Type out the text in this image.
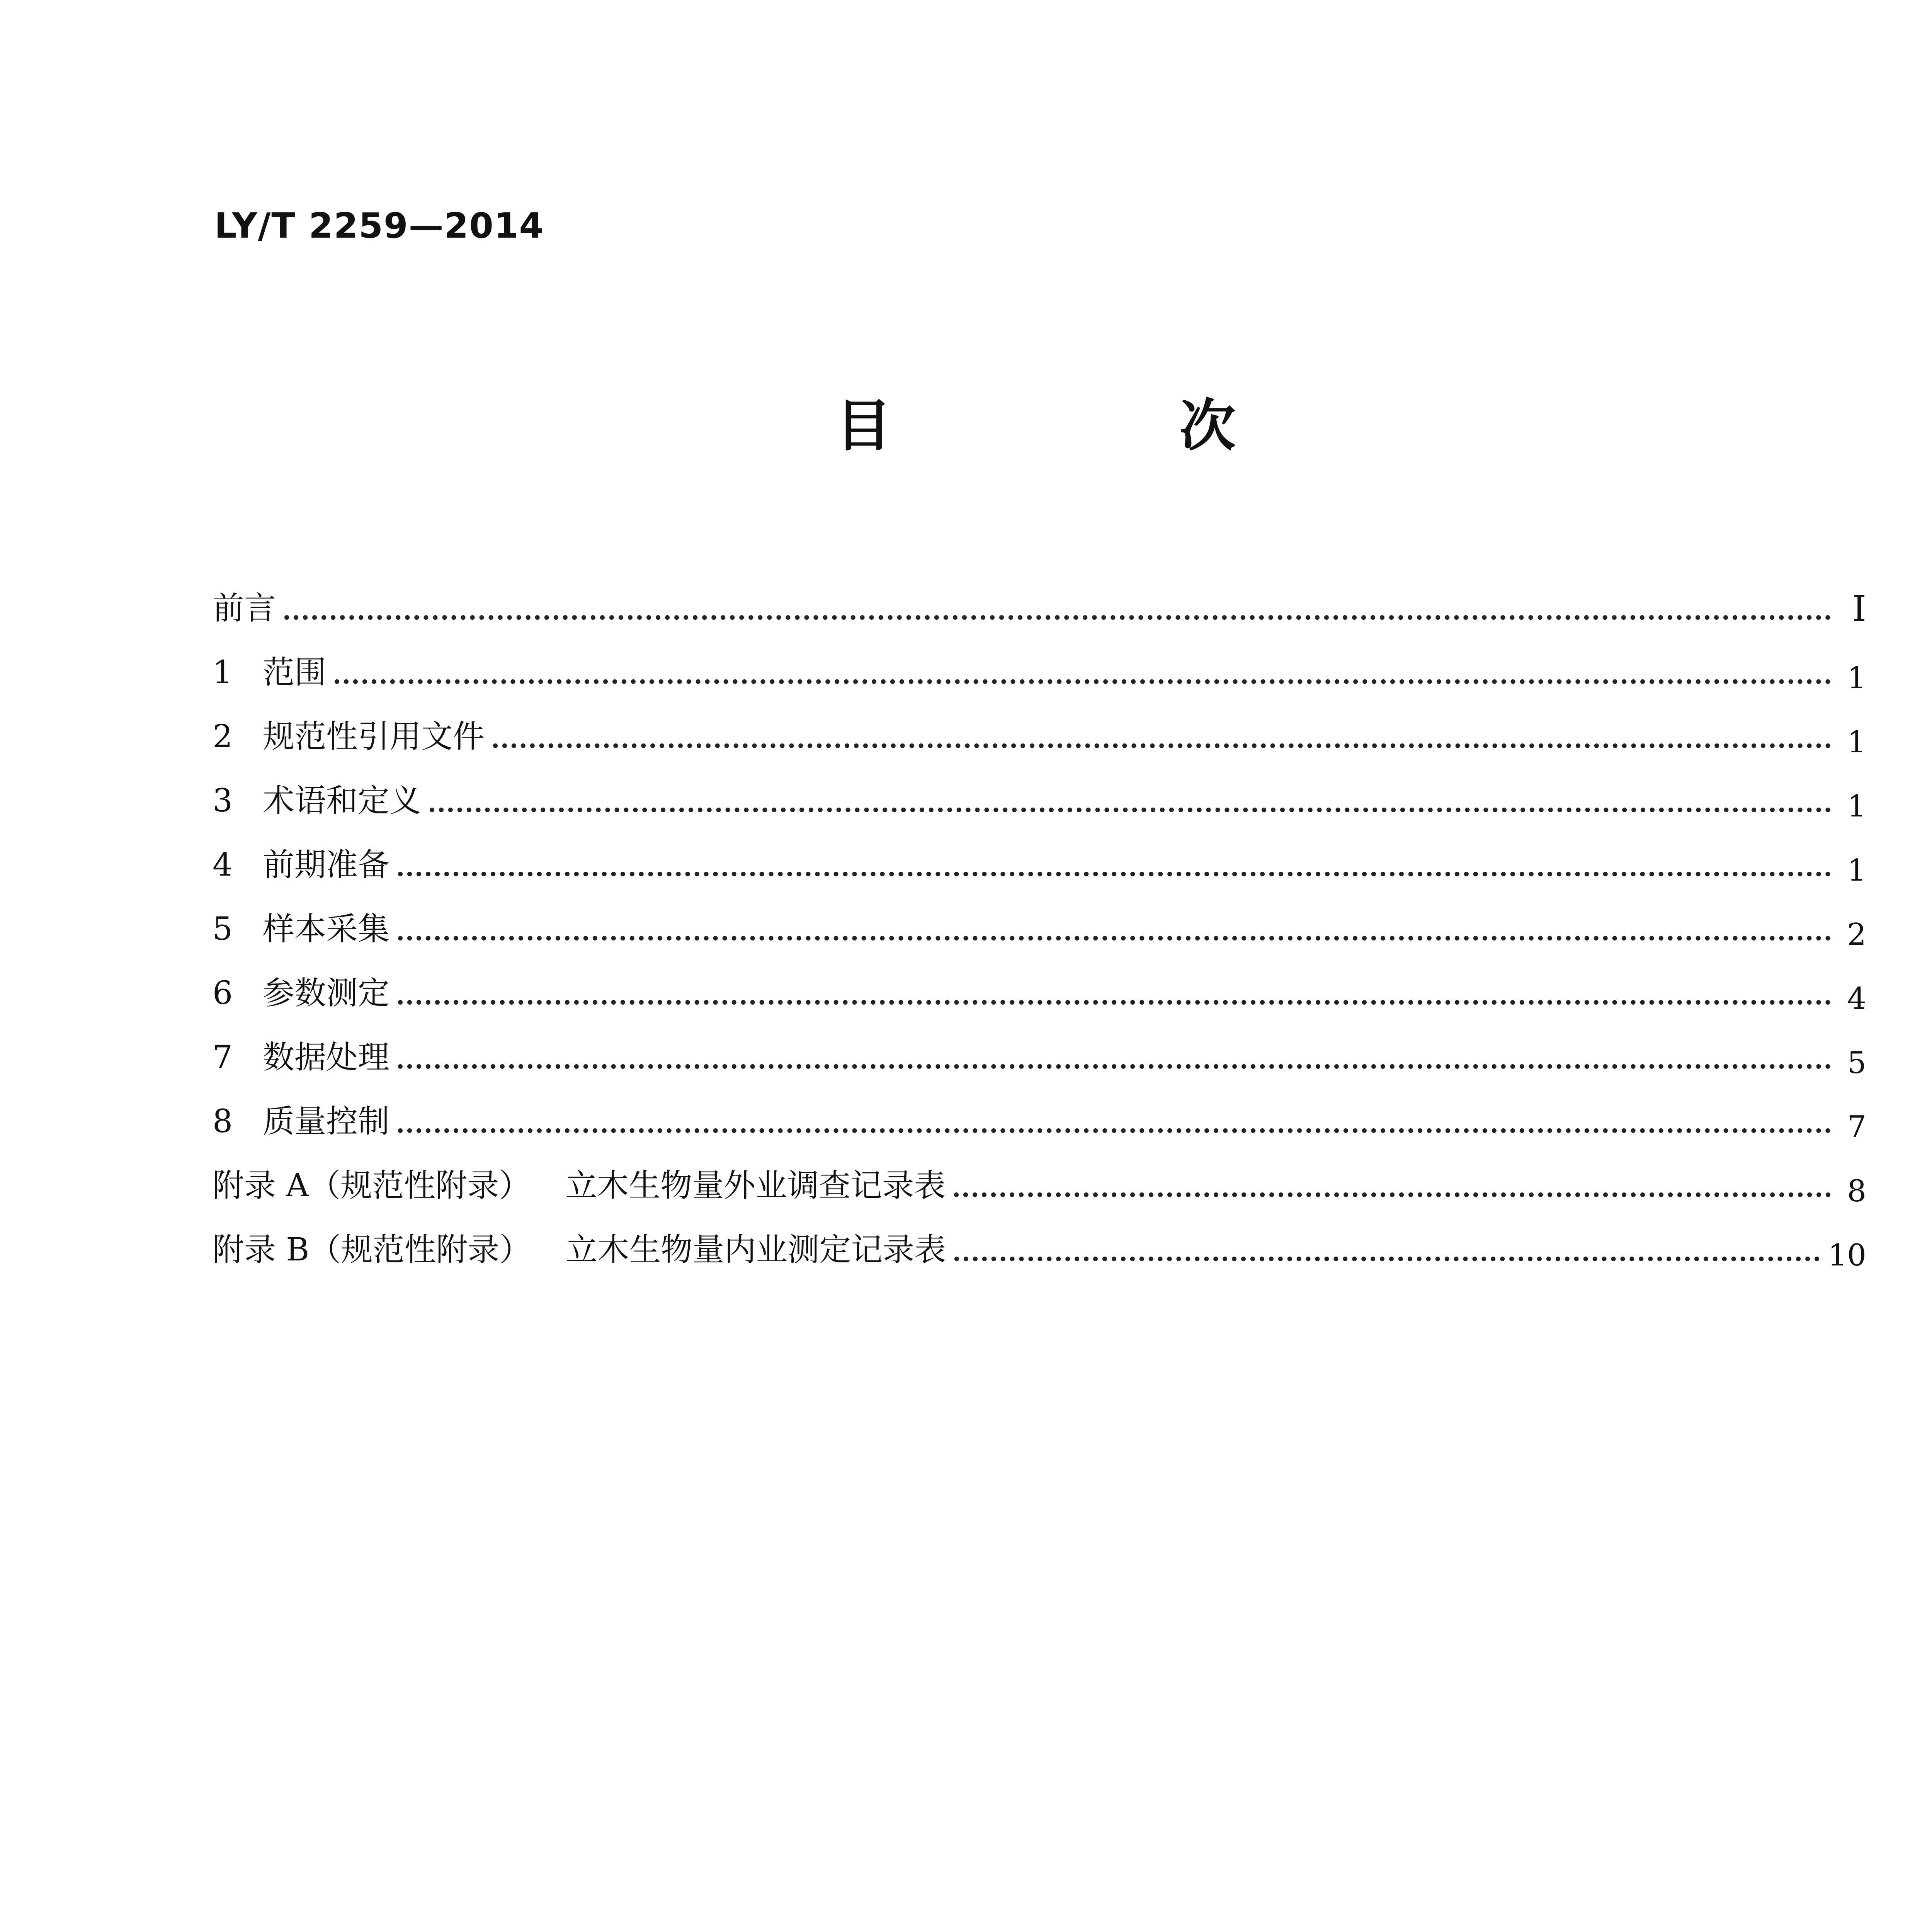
LY/T 2259—2014
目　次
前言	I
1 范围	1
2 规范性引用文件	1
3 术语和定义	1
4 前期准备	1
5 样本采集	2
6 参数测定	4
7 数据处理	5
8 质量控制	7
附录 A（规范性附录） 立木生物量外业调查记录表	8
附录 B（规范性附录） 立木生物量内业测定记录表	10
